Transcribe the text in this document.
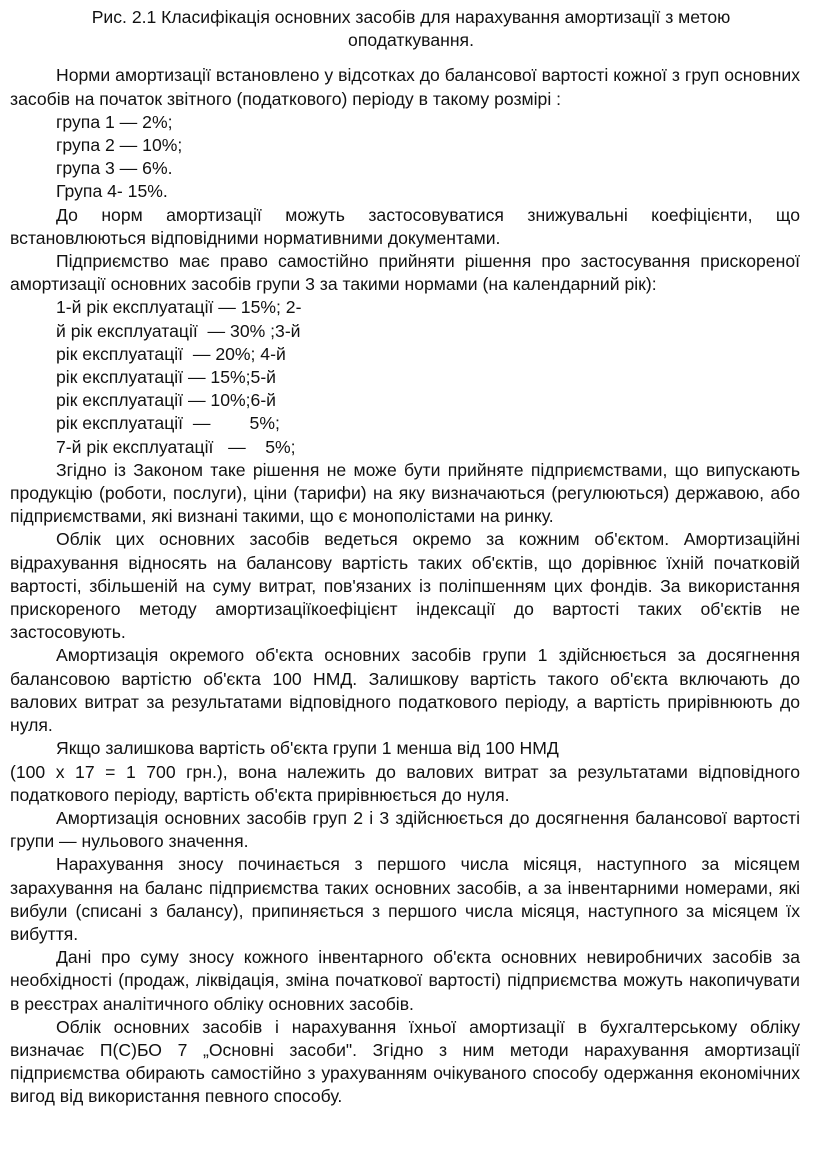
Рис. 2.1 Класифікація основних засобів для нарахування амортизації з метою оподаткування.

Норми амортизації встановлено у відсотках до балансової вартості кожної з груп основних засобів на початок звітного (податкового) періоду в такому розмірі :

група 1 — 2%;
група 2 — 10%;
група 3 — 6%.
Група 4- 15%.

До норм амортизації можуть застосовуватися знижувальні коефіцієнти, що встановлюються відповідними нормативними документами.

Підприємство має право самостійно прийняти рішення про застосування прискореної амортизації основних засобів групи 3 за такими нормами (на календарний рік):

1-й рік експлуатації — 15%; 2-
й рік експлуатації  — 30% ;3-й
рік експлуатації  — 20%; 4-й
рік експлуатації — 15%;5-й
рік експлуатації — 10%;6-й
рік експлуатації  —        5%;
7-й рік експлуатації   —    5%;

Згідно із Законом таке рішення не може бути прийняте підприємствами, що випускають продукцію (роботи, послуги), ціни (тарифи) на яку визначаються (регулюються) державою, або підприємствами, які визнані такими, що є монополістами на ринку.

Облік цих основних засобів ведеться окремо за кожним об'єктом. Амортизаційні відрахування відносять на балансову вартість таких об'єктів, що дорівнює їхній початковій вартості, збільшеній на суму витрат, пов'язаних із поліпшенням цих фондів. За використання прискореного методу амортизаціїкоефіцієнт індексації до вартості таких об'єктів не застосовують.

Амортизація окремого об'єкта основних засобів групи 1 здійснюється за досягнення балансовою вартістю об'єкта 100 НМД. Залишкову вартість такого об'єкта включають до валових витрат за результатами відповідного податкового періоду, а вартість прирівнюють до нуля.

Якщо залишкова вартість об'єкта групи 1 менша від 100 НМД

(100 х 17 = 1 700 грн.), вона належить до валових витрат за результатами відповідного податкового періоду, вартість об'єкта прирівнюється до нуля.

Амортизація основних засобів груп 2 і 3 здійснюється до досягнення балансової вартості групи — нульового значення.

Нарахування зносу починається з першого числа місяця, наступного за місяцем зарахування на баланс підприємства таких основних засобів, а за інвентарними номерами, які вибули (списані з балансу), припиняється з першого числа місяця, наступного за місяцем їх вибуття.

Дані про суму зносу кожного інвентарного об'єкта основних невиробничих засобів за необхідності (продаж, ліквідація, зміна початкової вартості) підприємства можуть накопичувати в реєстрах аналітичного обліку основних засобів.

Облік основних засобів і нарахування їхньої амортизації в бухгалтерському обліку визначає П(С)БО 7 „Основні засоби". Згідно з ним методи нарахування амортизації підприємства обирають самостійно з урахуванням очікуваного способу одержання економічних вигод від використання певного способу.
